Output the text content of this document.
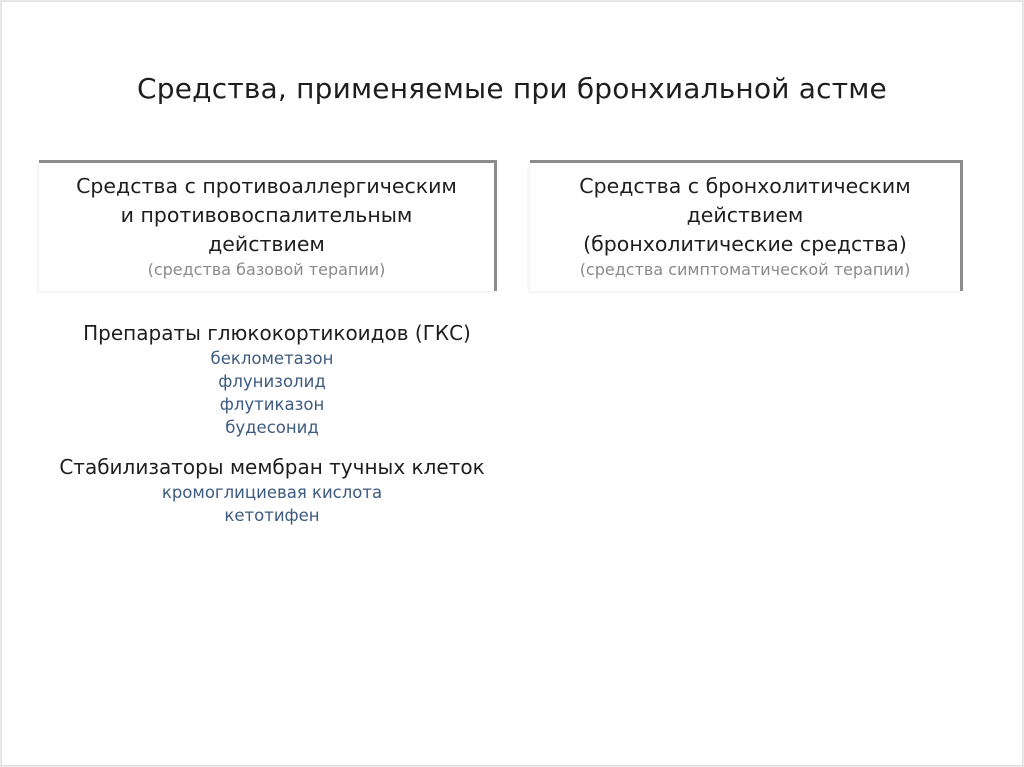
Средства, применяемые при бронхиальной астме
Средства с противоаллергическим
и противовоспалительным
действием
(средства базовой терапии)
Средства с бронхолитическим
действием
(бронхолитические средства)
(средства симптоматической терапии)
Препараты глюкокортикоидов (ГКС)
беклометазон
флунизолид
флутиказон
будесонид
Стабилизаторы мембран тучных клеток
кромоглициевая кислота
кетотифен
